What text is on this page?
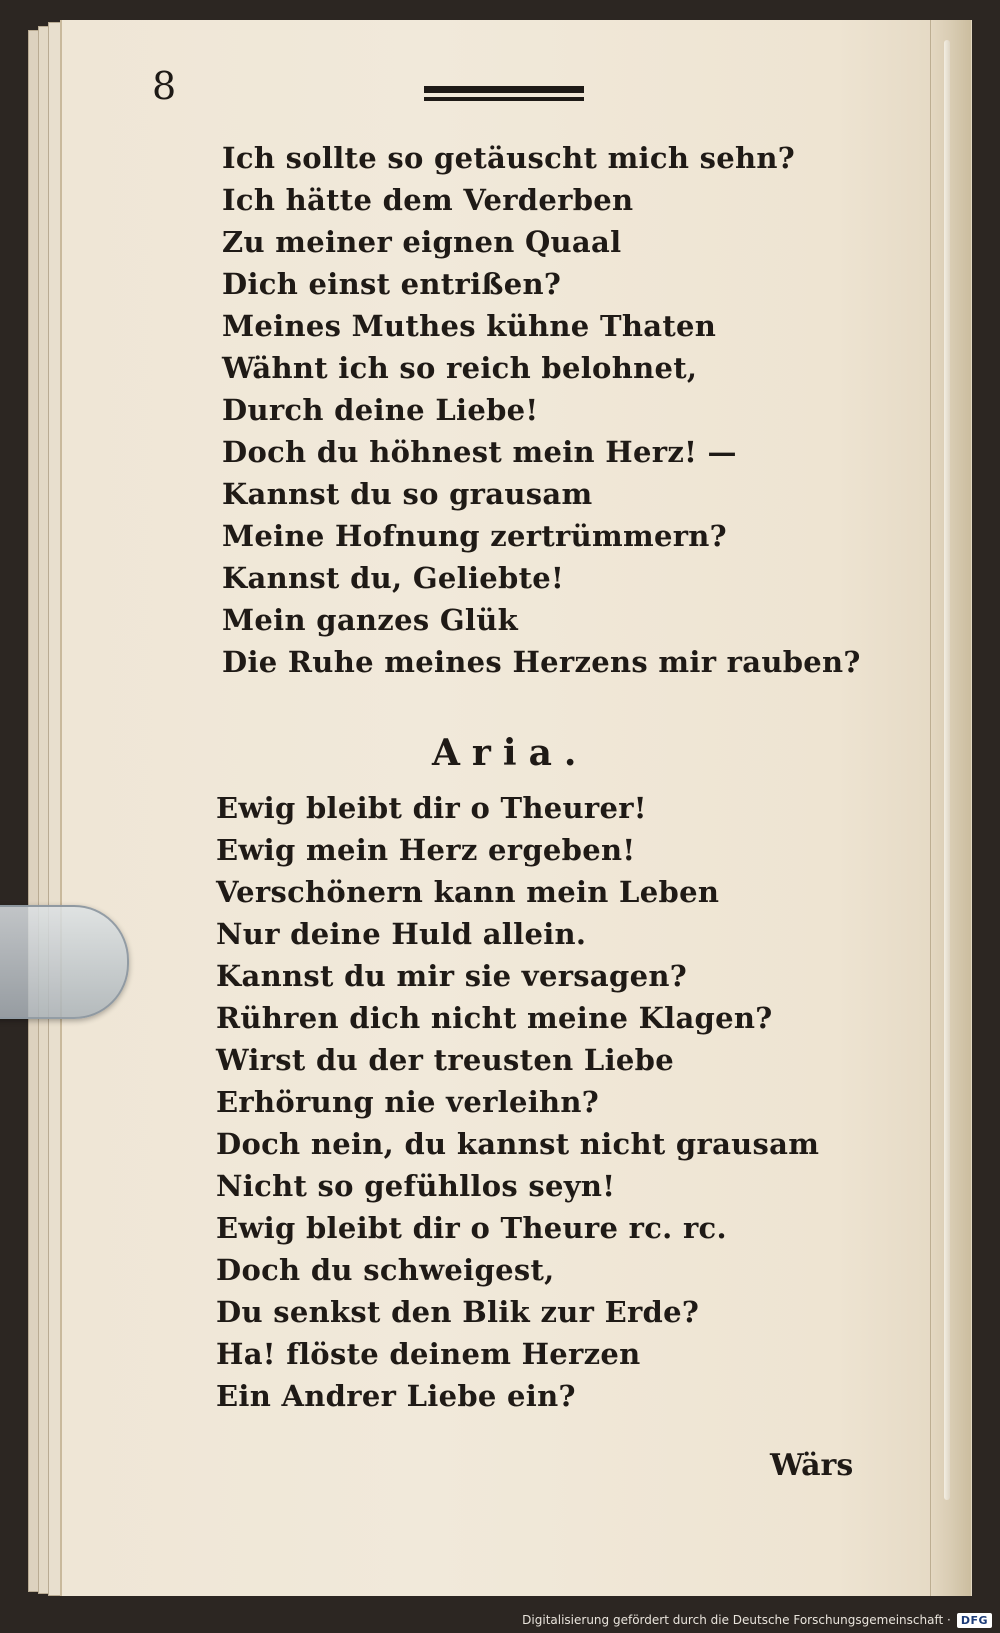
8
Ich sollte so getäuscht mich sehn?
Ich hätte dem Verderben
Zu meiner eignen Quaal
Dich einst entrißen?
Meines Muthes kühne Thaten
Wähnt ich so reich belohnet,
Durch deine Liebe!
Doch du höhnest mein Herz! —
Kannst du so grausam
Meine Hofnung zertrümmern?
Kannst du, Geliebte!
Mein ganzes Glük
Die Ruhe meines Herzens mir rauben?
Aria.
Ewig bleibt dir o Theurer!
Ewig mein Herz ergeben!
Verschönern kann mein Leben
Nur deine Huld allein.
Kannst du mir sie versagen?
Rühren dich nicht meine Klagen?
Wirst du der treusten Liebe
Erhörung nie verleihn?
Doch nein, du kannst nicht grausam
Nicht so gefühllos seyn!
Ewig bleibt dir o Theure rc. rc.
Doch du schweigest,
Du senkst den Blik zur Erde?
Ha! flöste deinem Herzen
Ein Andrer Liebe ein?
Wärs
Digitalisierung gefördert durch die Deutsche Forschungsgemeinschaft · DFG
